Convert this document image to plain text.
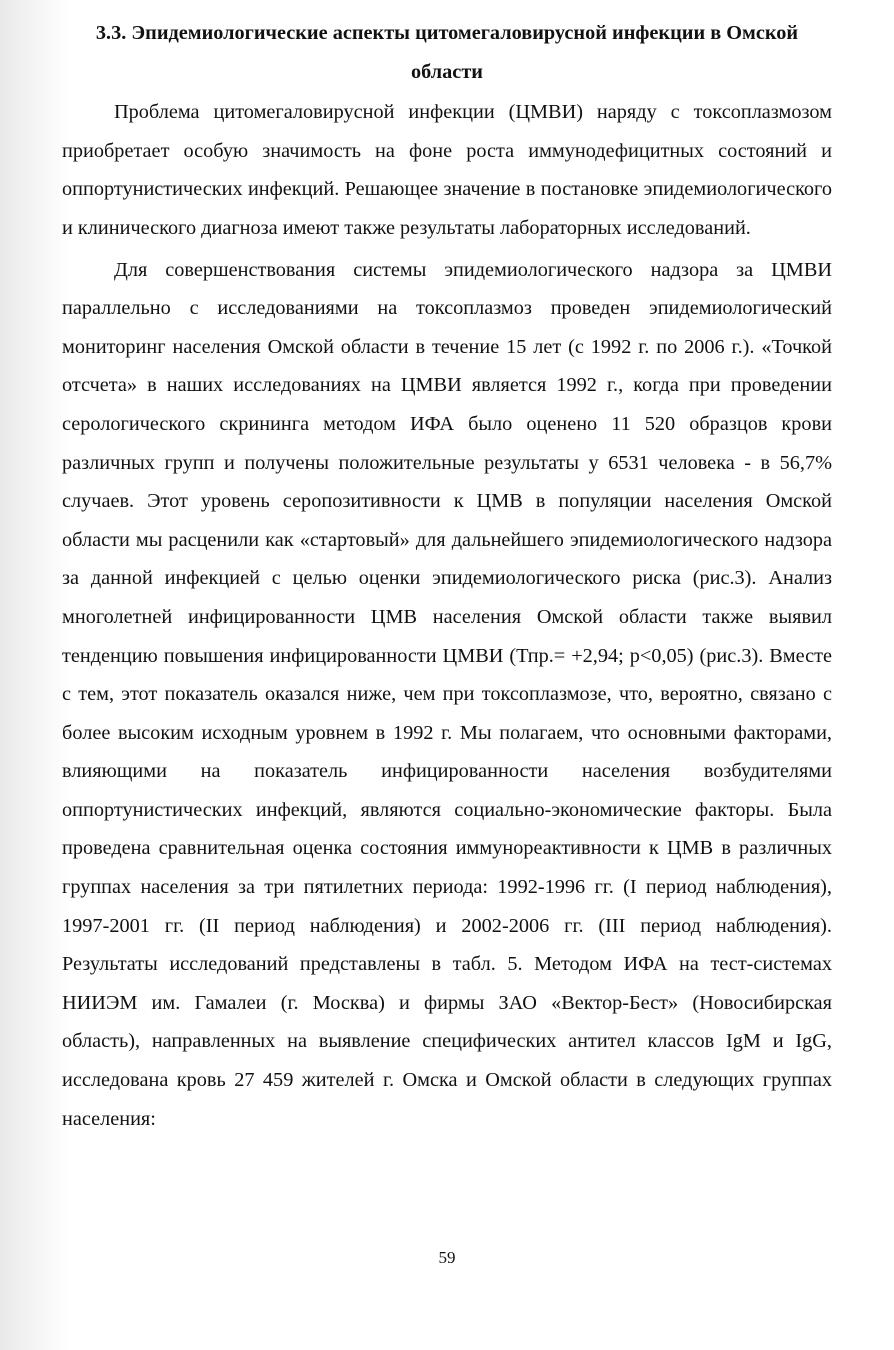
3.3. Эпидемиологические аспекты цитомегаловирусной инфекции в Омской области

Проблема цитомегаловирусной инфекции (ЦМВИ) наряду с токсоплазмозом приобретает особую значимость на фоне роста иммунодефицитных состояний и оппортунистических инфекций. Решающее значение в постановке эпидемиологического и клинического диагноза имеют также результаты лабораторных исследований.

Для совершенствования системы эпидемиологического надзора за ЦМВИ параллельно с исследованиями на токсоплазмоз проведен эпидемиологический мониторинг населения Омской области в течение 15 лет (с 1992 г. по 2006 г.). «Точкой отсчета» в наших исследованиях на ЦМВИ является 1992 г., когда при проведении серологического скрининга методом ИФА было оценено 11 520 образцов крови различных групп и получены положительные результаты у 6531 человека - в 56,7% случаев. Этот уровень серопозитивности к ЦМВ в популяции населения Омской области мы расценили как «стартовый» для дальнейшего эпидемиологического надзора за данной инфекцией с целью оценки эпидемиологического риска (рис.3). Анализ многолетней инфицированности ЦМВ населения Омской области также выявил тенденцию повышения инфицированности ЦМВИ (Тпр.= +2,94; p<0,05) (рис.3). Вместе с тем, этот показатель оказался ниже, чем при токсоплазмозе, что, вероятно, связано с более высоким исходным уровнем в 1992 г. Мы полагаем, что основными факторами, влияющими на показатель инфицированности населения возбудителями оппортунистических инфекций, являются социально-экономические факторы. Была проведена сравнительная оценка состояния иммунореактивности к ЦМВ в различных группах населения за три пятилетних периода: 1992-1996 гг. (I период наблюдения), 1997-2001 гг. (II период наблюдения) и 2002-2006 гг. (III период наблюдения). Результаты исследований представлены в табл. 5. Методом ИФА на тест-системах НИИЭМ им. Гамалеи (г. Москва) и фирмы ЗАО «Вектор-Бест» (Новосибирская область), направленных на выявление специфических антител классов IgM и IgG, исследована кровь 27 459 жителей г. Омска и Омской области в следующих группах населения:

59
